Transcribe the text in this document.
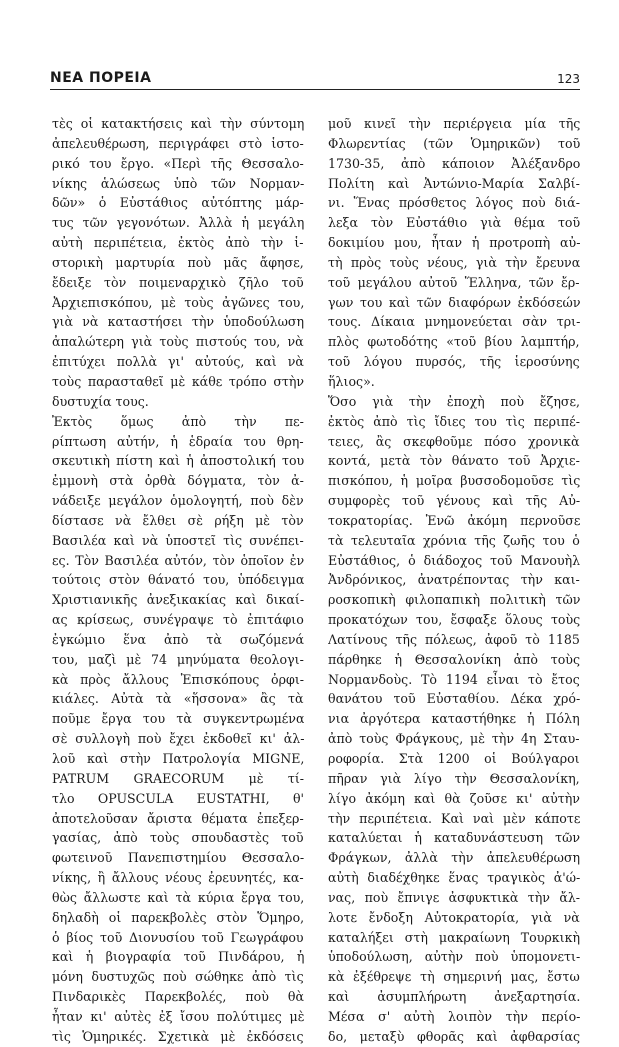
ΝΕΑ ΠΟΡΕΙΑ	123
τὲς οἱ κατακτήσεις καὶ τὴν σύντομη
ἀπελευθέρωση, περιγράφει στὸ ἱστο-
ρικό του ἔργο. «Περὶ τῆς Θεσσαλο-
νίκης ἁλώσεως ὑπὸ τῶν Νορμαν-
δῶν» ὁ Εὐστάθιος αὐτόπτης μάρ-
τυς τῶν γεγονότων. Ἀλλὰ ἡ μεγάλη
αὐτὴ περιπέτεια, ἐκτὸς ἀπὸ τὴν ἱ-
στορικὴ μαρτυρία ποὺ μᾶς ἄφησε,
ἔδειξε τὸν ποιμεναρχικὸ ζῆλο τοῦ
Ἀρχιεπισκόπου, μὲ τοὺς ἀγῶνες του,
γιὰ νὰ καταστήσει τὴν ὑποδούλωση
ἀπαλώτερη γιὰ τοὺς πιστούς του, νὰ
ἐπιτύχει πολλὰ γι' αὐτούς, καὶ νὰ
τοὺς παρασταθεῖ μὲ κάθε τρόπο στὴν
δυστυχία τους.
Ἐκτὸς ὅμως ἀπὸ τὴν πε-
ρίπτωση αὐτήν, ἡ ἑδραία του θρη-
σκευτικὴ πίστη καὶ ἡ ἀποστολική του
ἐμμονὴ στὰ ὀρθὰ δόγματα, τὸν ἀ-
νάδειξε μεγάλον ὁμολογητή, ποὺ δὲν
δίστασε νὰ ἔλθει σὲ ρήξη μὲ τὸν
Βασιλέα καὶ νὰ ὑποστεῖ τὶς συνέπει-
ες. Τὸν Βασιλέα αὐτόν, τὸν ὁποῖον ἐν
τούτοις στὸν θάνατό του, ὑπόδειγμα
Χριστιανικῆς ἀνεξικακίας καὶ δικαί-
ας κρίσεως, συνέγραψε τὸ ἐπιτάφιο
ἐγκώμιο ἕνα ἀπὸ τὰ σωζόμενά
του, μαζὶ μὲ 74 μηνύματα θεολογι-
κὰ πρὸς ἄλλους Ἐπισκόπους ὀρφι-
κιάλες. Αὐτὰ τὰ «ἥσσονα» ἂς τὰ
ποῦμε ἔργα του τὰ συγκεντρωμένα
σὲ συλλογὴ ποὺ ἔχει ἐκδοθεῖ κι' ἀλ-
λοῦ καὶ στὴν Πατρολογία MIGNE,
PATRUM GRAECORUM μὲ τί-
τλο OPUSCULA EUSTATHI, θ'
ἀποτελοῦσαν ἄριστα θέματα ἐπεξερ-
γασίας, ἀπὸ τοὺς σπουδαστὲς τοῦ
φωτεινοῦ Πανεπιστημίου Θεσσαλο-
νίκης, ἢ ἄλλους νέους ἐρευνητές, κα-
θὼς ἄλλωστε καὶ τὰ κύρια ἔργα του,
δηλαδὴ οἱ παρεκβολὲς στὸν Ὅμηρο,
ὁ βίος τοῦ Διονυσίου τοῦ Γεωγράφου
καὶ ἡ βιογραφία τοῦ Πινδάρου, ἡ
μόνη δυστυχῶς ποὺ σώθηκε ἀπὸ τὶς
Πινδαρικὲς Παρεκβολές, ποὺ θὰ
ἦταν κι' αὐτὲς ἐξ ἴσου πολύτιμες μὲ
τὶς Ὁμηρικές. Σχετικὰ μὲ ἐκδόσεις
μοῦ κινεῖ τὴν περιέργεια μία τῆς
Φλωρεντίας (τῶν Ὁμηρικῶν) τοῦ
1730-35, ἀπὸ κάποιον Ἀλέξανδρο
Πολίτη καὶ Ἀντώνιο-Μαρία Σαλβί-
νι. Ἕνας πρόσθετος λόγος ποὺ διά-
λεξα τὸν Εὐστάθιο γιὰ θέμα τοῦ
δοκιμίου μου, ἦταν ἡ προτροπὴ αὐ-
τὴ πρὸς τοὺς νέους, γιὰ τὴν ἔρευνα
τοῦ μεγάλου αὐτοῦ Ἕλληνα, τῶν ἔρ-
γων του καὶ τῶν διαφόρων ἐκδόσεών
τους. Δίκαια μνημονεύεται σὰν τρι-
πλὸς φωτοδότης «τοῦ βίου λαμπτήρ,
τοῦ λόγου πυρσός, τῆς ἱεροσύνης
ἥλιος».
Ὅσο γιὰ τὴν ἐποχὴ ποὺ ἔζησε,
ἐκτὸς ἀπὸ τὶς ἴδιες του τὶς περιπέ-
τειες, ἂς σκεφθοῦμε πόσο χρονικὰ
κοντά, μετὰ τὸν θάνατο τοῦ Ἀρχιε-
πισκόπου, ἡ μοῖρα βυσσοδομοῦσε τὶς
συμφορὲς τοῦ γένους καὶ τῆς Αὐ-
τοκρατορίας. Ἐνῶ ἀκόμη περνοῦσε
τὰ τελευταῖα χρόνια τῆς ζωῆς του ὁ
Εὐστάθιος, ὁ διάδοχος τοῦ Μανουὴλ
Ἀνδρόνικος, ἀνατρέποντας τὴν και-
ροσκοπικὴ φιλοπαπικὴ πολιτικὴ τῶν
προκατόχων του, ἔσφαξε ὅλους τοὺς
Λατίνους τῆς πόλεως, ἀφοῦ τὸ 1185
πάρθηκε ἡ Θεσσαλονίκη ἀπὸ τοὺς
Νορμανδοὺς. Τὸ 1194 εἶναι τὸ ἔτος
θανάτου τοῦ Εὐσταθίου. Δέκα χρό-
νια ἀργότερα καταστήθηκε ἡ Πόλη
ἀπὸ τοὺς Φράγκους, μὲ τὴν 4η Σταυ-
ροφορία. Στὰ 1200 οἱ Βούλγαροι
πῆραν γιὰ λίγο τὴν Θεσσαλονίκη,
λίγο ἀκόμη καὶ θὰ ζοῦσε κι' αὐτὴν
τὴν περιπέτεια. Καὶ ναὶ μὲν κάποτε
καταλύεται ἡ καταδυνάστευση τῶν
Φράγκων, ἀλλὰ τὴν ἀπελευθέρωση
αὐτὴ διαδέχθηκε ἕνας τραγικὸς ἀ'ώ-
νας, ποὺ ἔπνιγε ἀσφυκτικὰ τὴν ἄλ-
λοτε ἔνδοξη Αὐτοκρατορία, γιὰ νὰ
καταλήξει στὴ μακραίωνη Τουρκικὴ
ὑποδούλωση, αὐτὴν ποὺ ὑπομονετι-
κὰ ἐξέθρεψε τὴ σημερινή μας, ἔστω
καὶ ἀσυμπλήρωτη ἀνεξαρτησία.
Μέσα σ' αὐτὴ λοιπὸν τὴν περίο-
δο, μεταξὺ φθορᾶς καὶ ἀφθαρσίας
